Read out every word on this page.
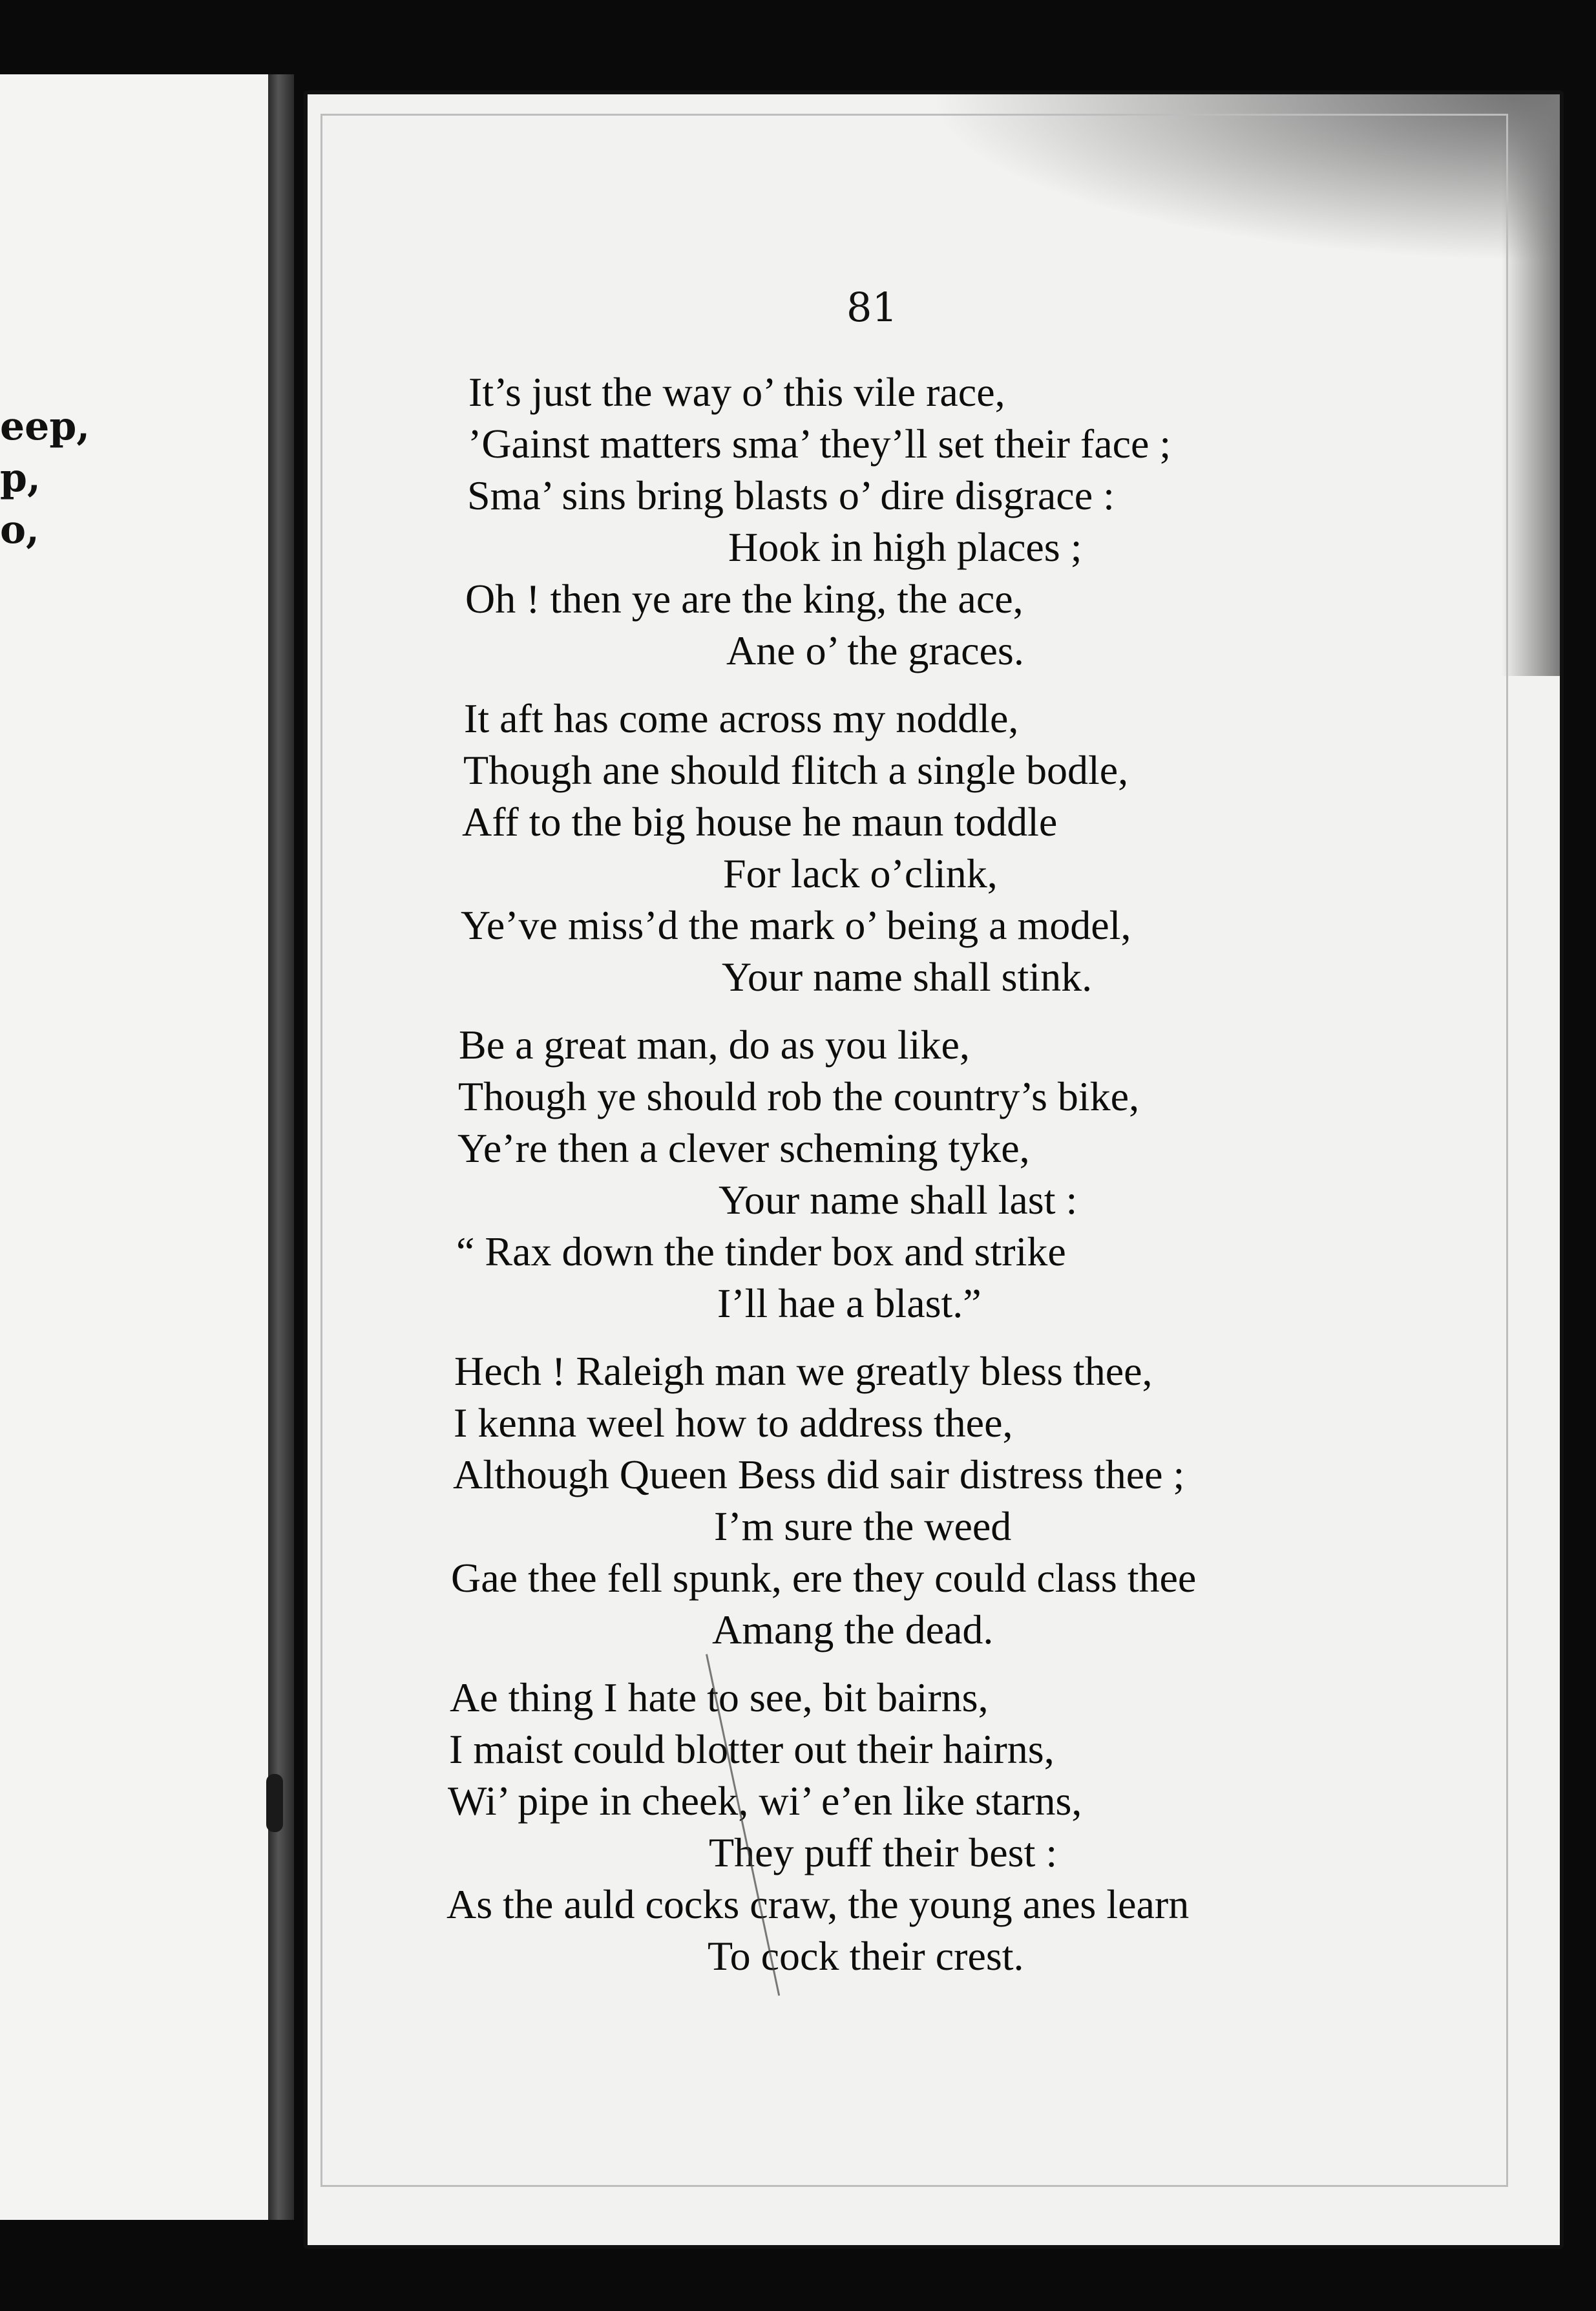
eep,
p,
o,
81
It’s just the way o’ this vile race,
’Gainst matters sma’ they’ll set their face ;
Sma’ sins bring blasts o’ dire disgrace :
Hook in high places ;
Oh ! then ye are the king, the ace,
Ane o’ the graces.
It aft has come across my noddle,
Though ane should flitch a single bodle,
Aff to the big house he maun toddle
For lack o’clink,
Ye’ve miss’d the mark o’ being a model,
Your name shall stink.
Be a great man, do as you like,
Though ye should rob the country’s bike,
Ye’re then a clever scheming tyke,
Your name shall last :
“ Rax down the tinder box and strike
I’ll hae a blast.”
Hech ! Raleigh man we greatly bless thee,
I kenna weel how to address thee,
Although Queen Bess did sair distress thee ;
I’m sure the weed
Gae thee fell spunk, ere they could class thee
Amang the dead.
Ae thing I hate to see, bit bairns,
I maist could blotter out their hairns,
Wi’ pipe in cheek, wi’ e’en like starns,
They puff their best :
As the auld cocks craw, the young anes learn
To cock their crest.
